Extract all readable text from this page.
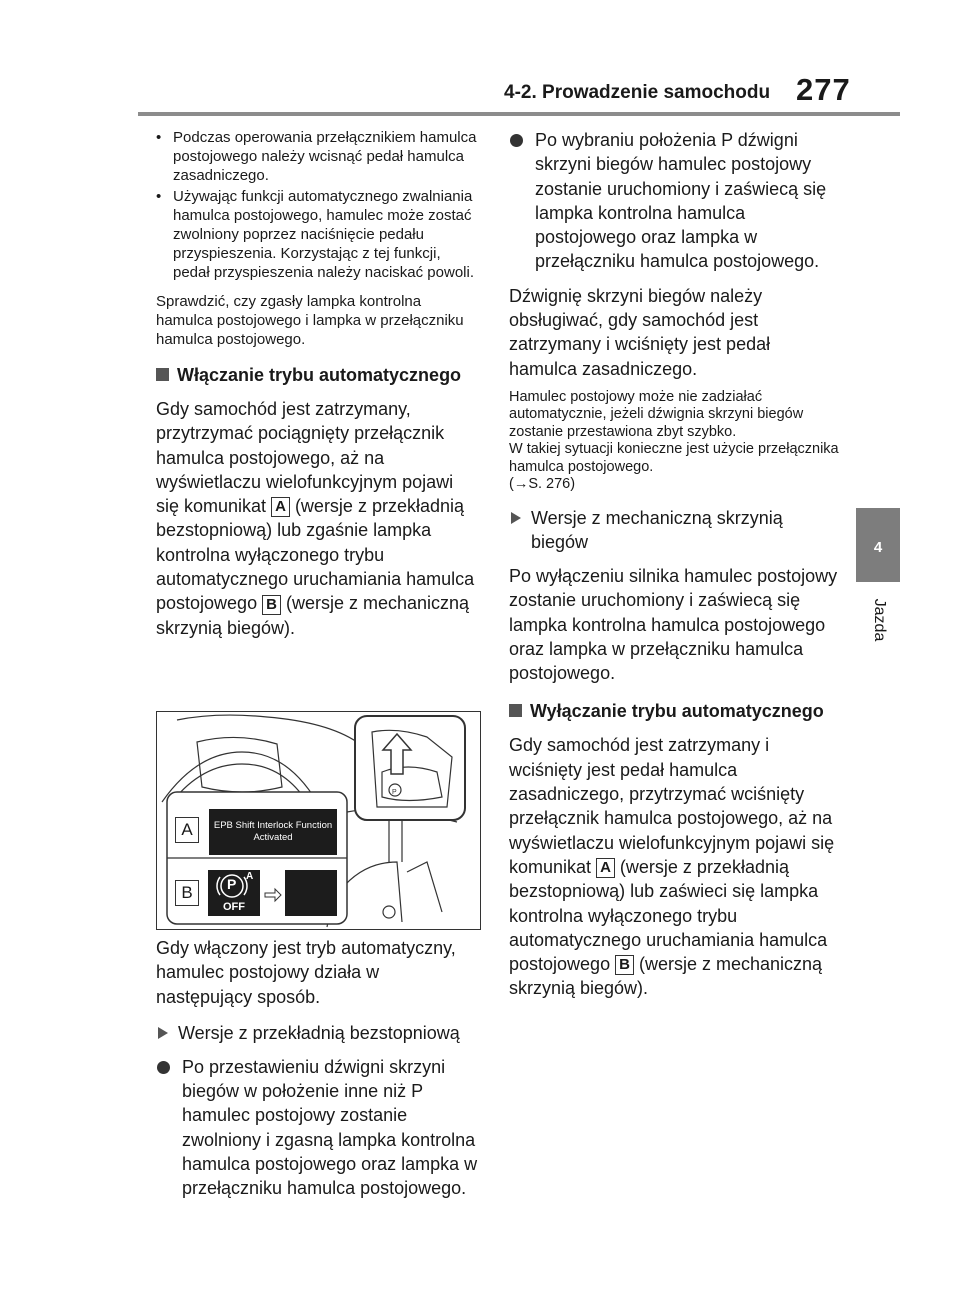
4-2. Prowadzenie samochodu 277
4
Jazda
• Podczas operowania przełącznikiem hamulca postojowego należy wcisnąć pedał hamulca zasadniczego.
• Używając funkcji automatycznego zwalniania hamulca postojowego, hamulec może zostać zwolniony poprzez naciśnięcie pedału przyspieszenia. Korzystając z tej funkcji, pedał przyspieszenia należy naciskać powoli.
Sprawdzić, czy zgasły lampka kontrolna hamulca postojowego i lampka w przełączniku hamulca postojowego.
Włączanie trybu automatycznego
Gdy samochód jest zatrzymany, przytrzymać pociągnięty przełącznik hamulca postojowego, aż na wyświetlaczu wielofunkcyjnym pojawi się komunikat A (wersje z przekładnią bezstopniową) lub zgaśnie lampka kontrolna wyłączonego trybu automatycznego uruchamiania hamulca postojowego B (wersje z mechaniczną skrzynią biegów).
P
A	EPB Shift Interlock Function
Activated
B	P A
OFF
Gdy włączony jest tryb automatyczny, hamulec postojowy działa w następujący sposób.
Wersje z przekładnią bezstopniową
Po przestawieniu dźwigni skrzyni biegów w położenie inne niż P hamulec postojowy zostanie zwolniony i zgasną lampka kontrolna hamulca postojowego oraz lampka w przełączniku hamulca postojowego.
Po wybraniu położenia P dźwigni skrzyni biegów hamulec postojowy zostanie uruchomiony i zaświecą się lampka kontrolna hamulca postojowego oraz lampka w przełączniku hamulca postojowego.
Dźwignię skrzyni biegów należy obsługiwać, gdy samochód jest zatrzymany i wciśnięty jest pedał hamulca zasadniczego.
Hamulec postojowy może nie zadziałać automatycznie, jeżeli dźwignia skrzyni biegów zostanie przestawiona zbyt szybko.
W takiej sytuacji konieczne jest użycie przełącznika hamulca postojowego.
(→S. 276)
Wersje z mechaniczną skrzynią biegów
Po wyłączeniu silnika hamulec postojowy zostanie uruchomiony i zaświecą się lampka kontrolna hamulca postojowego oraz lampka w przełączniku hamulca postojowego.
Wyłączanie trybu automatycznego
Gdy samochód jest zatrzymany i wciśnięty jest pedał hamulca zasadniczego, przytrzymać wciśnięty przełącznik hamulca postojowego, aż na wyświetlaczu wielofunkcyjnym pojawi się komunikat A (wersje z przekładnią bezstopniową) lub zaświeci się lampka kontrolna wyłączonego trybu automatycznego uruchamiania hamulca postojowego B (wersje z mechaniczną skrzynią biegów).
